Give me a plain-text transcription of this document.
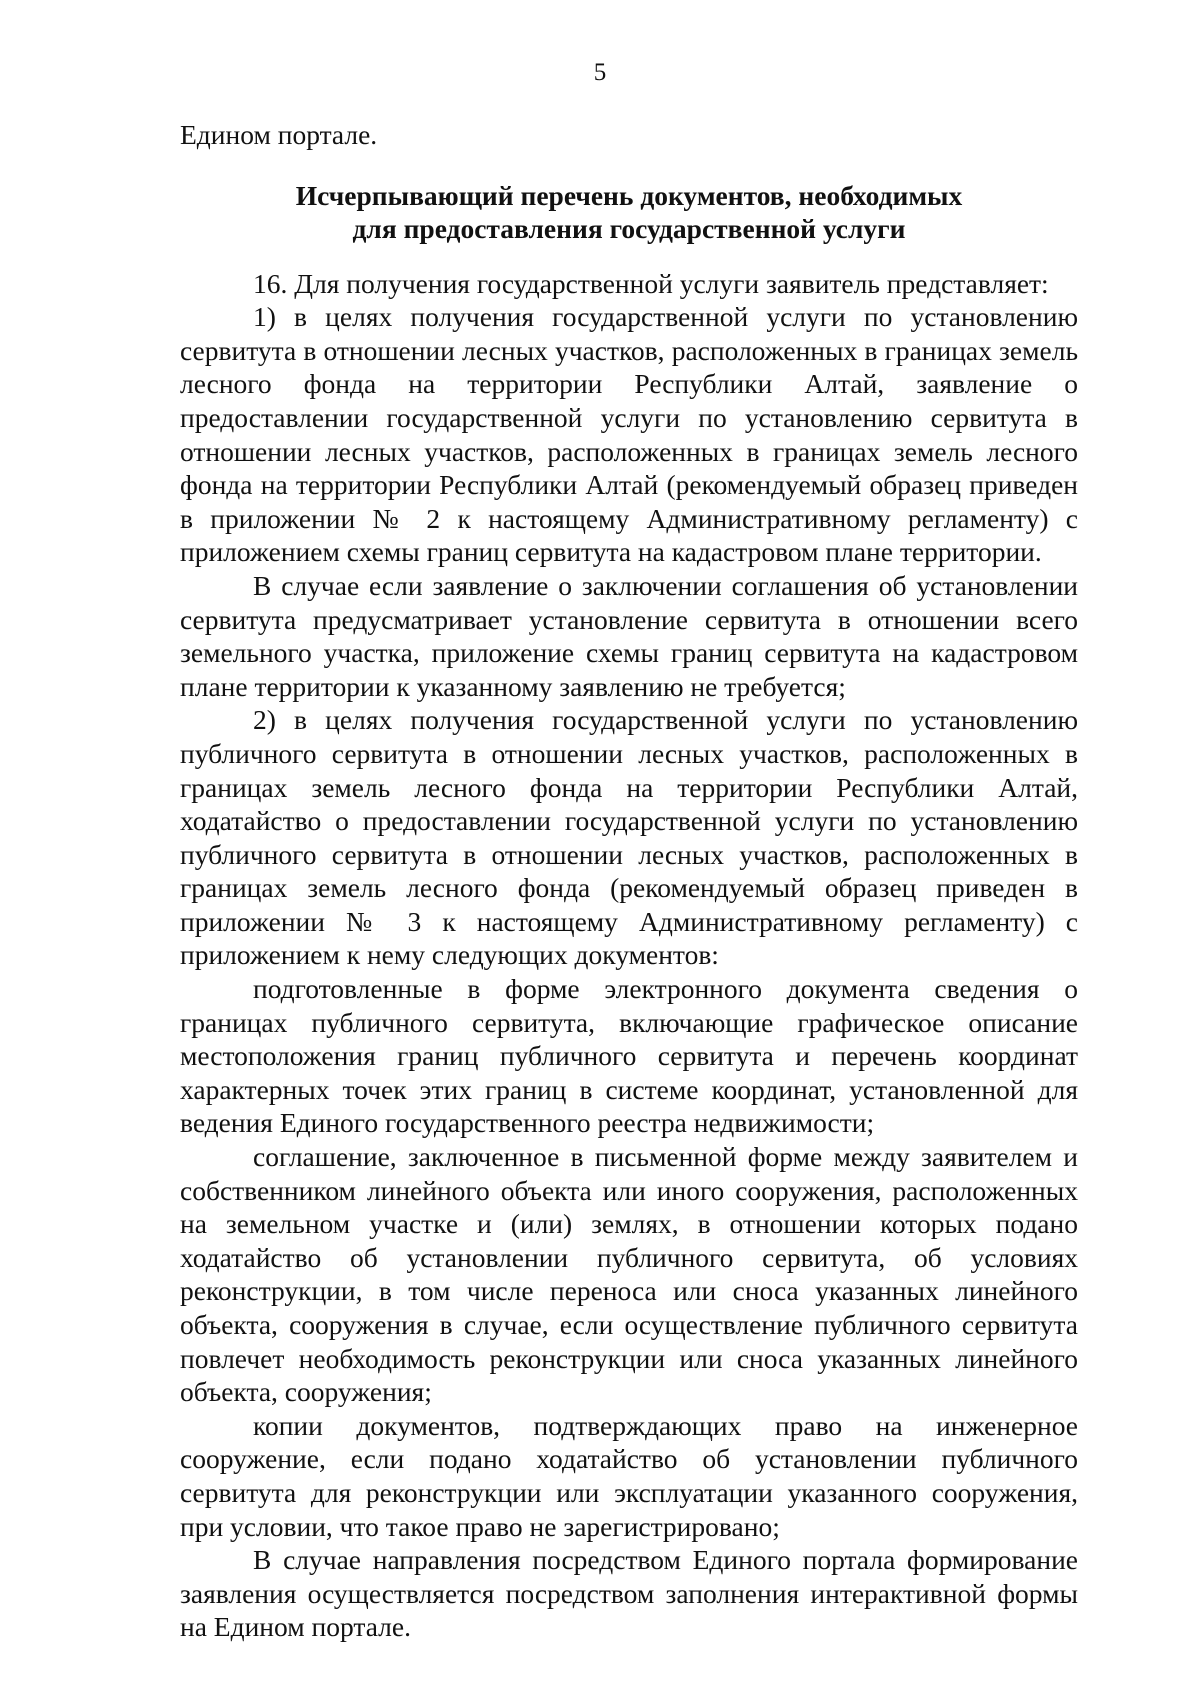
5

Едином портале.

Исчерпывающий перечень документов, необходимых
для предоставления государственной услуги

16. Для получения государственной услуги заявитель представляет:

1) в целях получения государственной услуги по установлению сервитута в отношении лесных участков, расположенных в границах земель лесного фонда на территории Республики Алтай, заявление о предоставлении государственной услуги по установлению сервитута в отношении лесных участков, расположенных в границах земель лесного фонда на территории Республики Алтай (рекомендуемый образец приведен в приложении № 2 к настоящему Административному регламенту) с приложением схемы границ сервитута на кадастровом плане территории.

В случае если заявление о заключении соглашения об установлении сервитута предусматривает установление сервитута в отношении всего земельного участка, приложение схемы границ сервитута на кадастровом плане территории к указанному заявлению не требуется;

2) в целях получения государственной услуги по установлению публичного сервитута в отношении лесных участков, расположенных в границах земель лесного фонда на территории Республики Алтай, ходатайство о предоставлении государственной услуги по установлению публичного сервитута в отношении лесных участков, расположенных в границах земель лесного фонда (рекомендуемый образец приведен в приложении № 3 к настоящему Административному регламенту) с приложением к нему следующих документов:

подготовленные в форме электронного документа сведения о границах публичного сервитута, включающие графическое описание местоположения границ публичного сервитута и перечень координат характерных точек этих границ в системе координат, установленной для ведения Единого государственного реестра недвижимости;

соглашение, заключенное в письменной форме между заявителем и собственником линейного объекта или иного сооружения, расположенных на земельном участке и (или) землях, в отношении которых подано ходатайство об установлении публичного сервитута, об условиях реконструкции, в том числе переноса или сноса указанных линейного объекта, сооружения в случае, если осуществление публичного сервитута повлечет необходимость реконструкции или сноса указанных линейного объекта, сооружения;

копии документов, подтверждающих право на инженерное сооружение, если подано ходатайство об установлении публичного сервитута для реконструкции или эксплуатации указанного сооружения, при условии, что такое право не зарегистрировано;

В случае направления посредством Единого портала формирование заявления осуществляется посредством заполнения интерактивной формы на Едином портале.
